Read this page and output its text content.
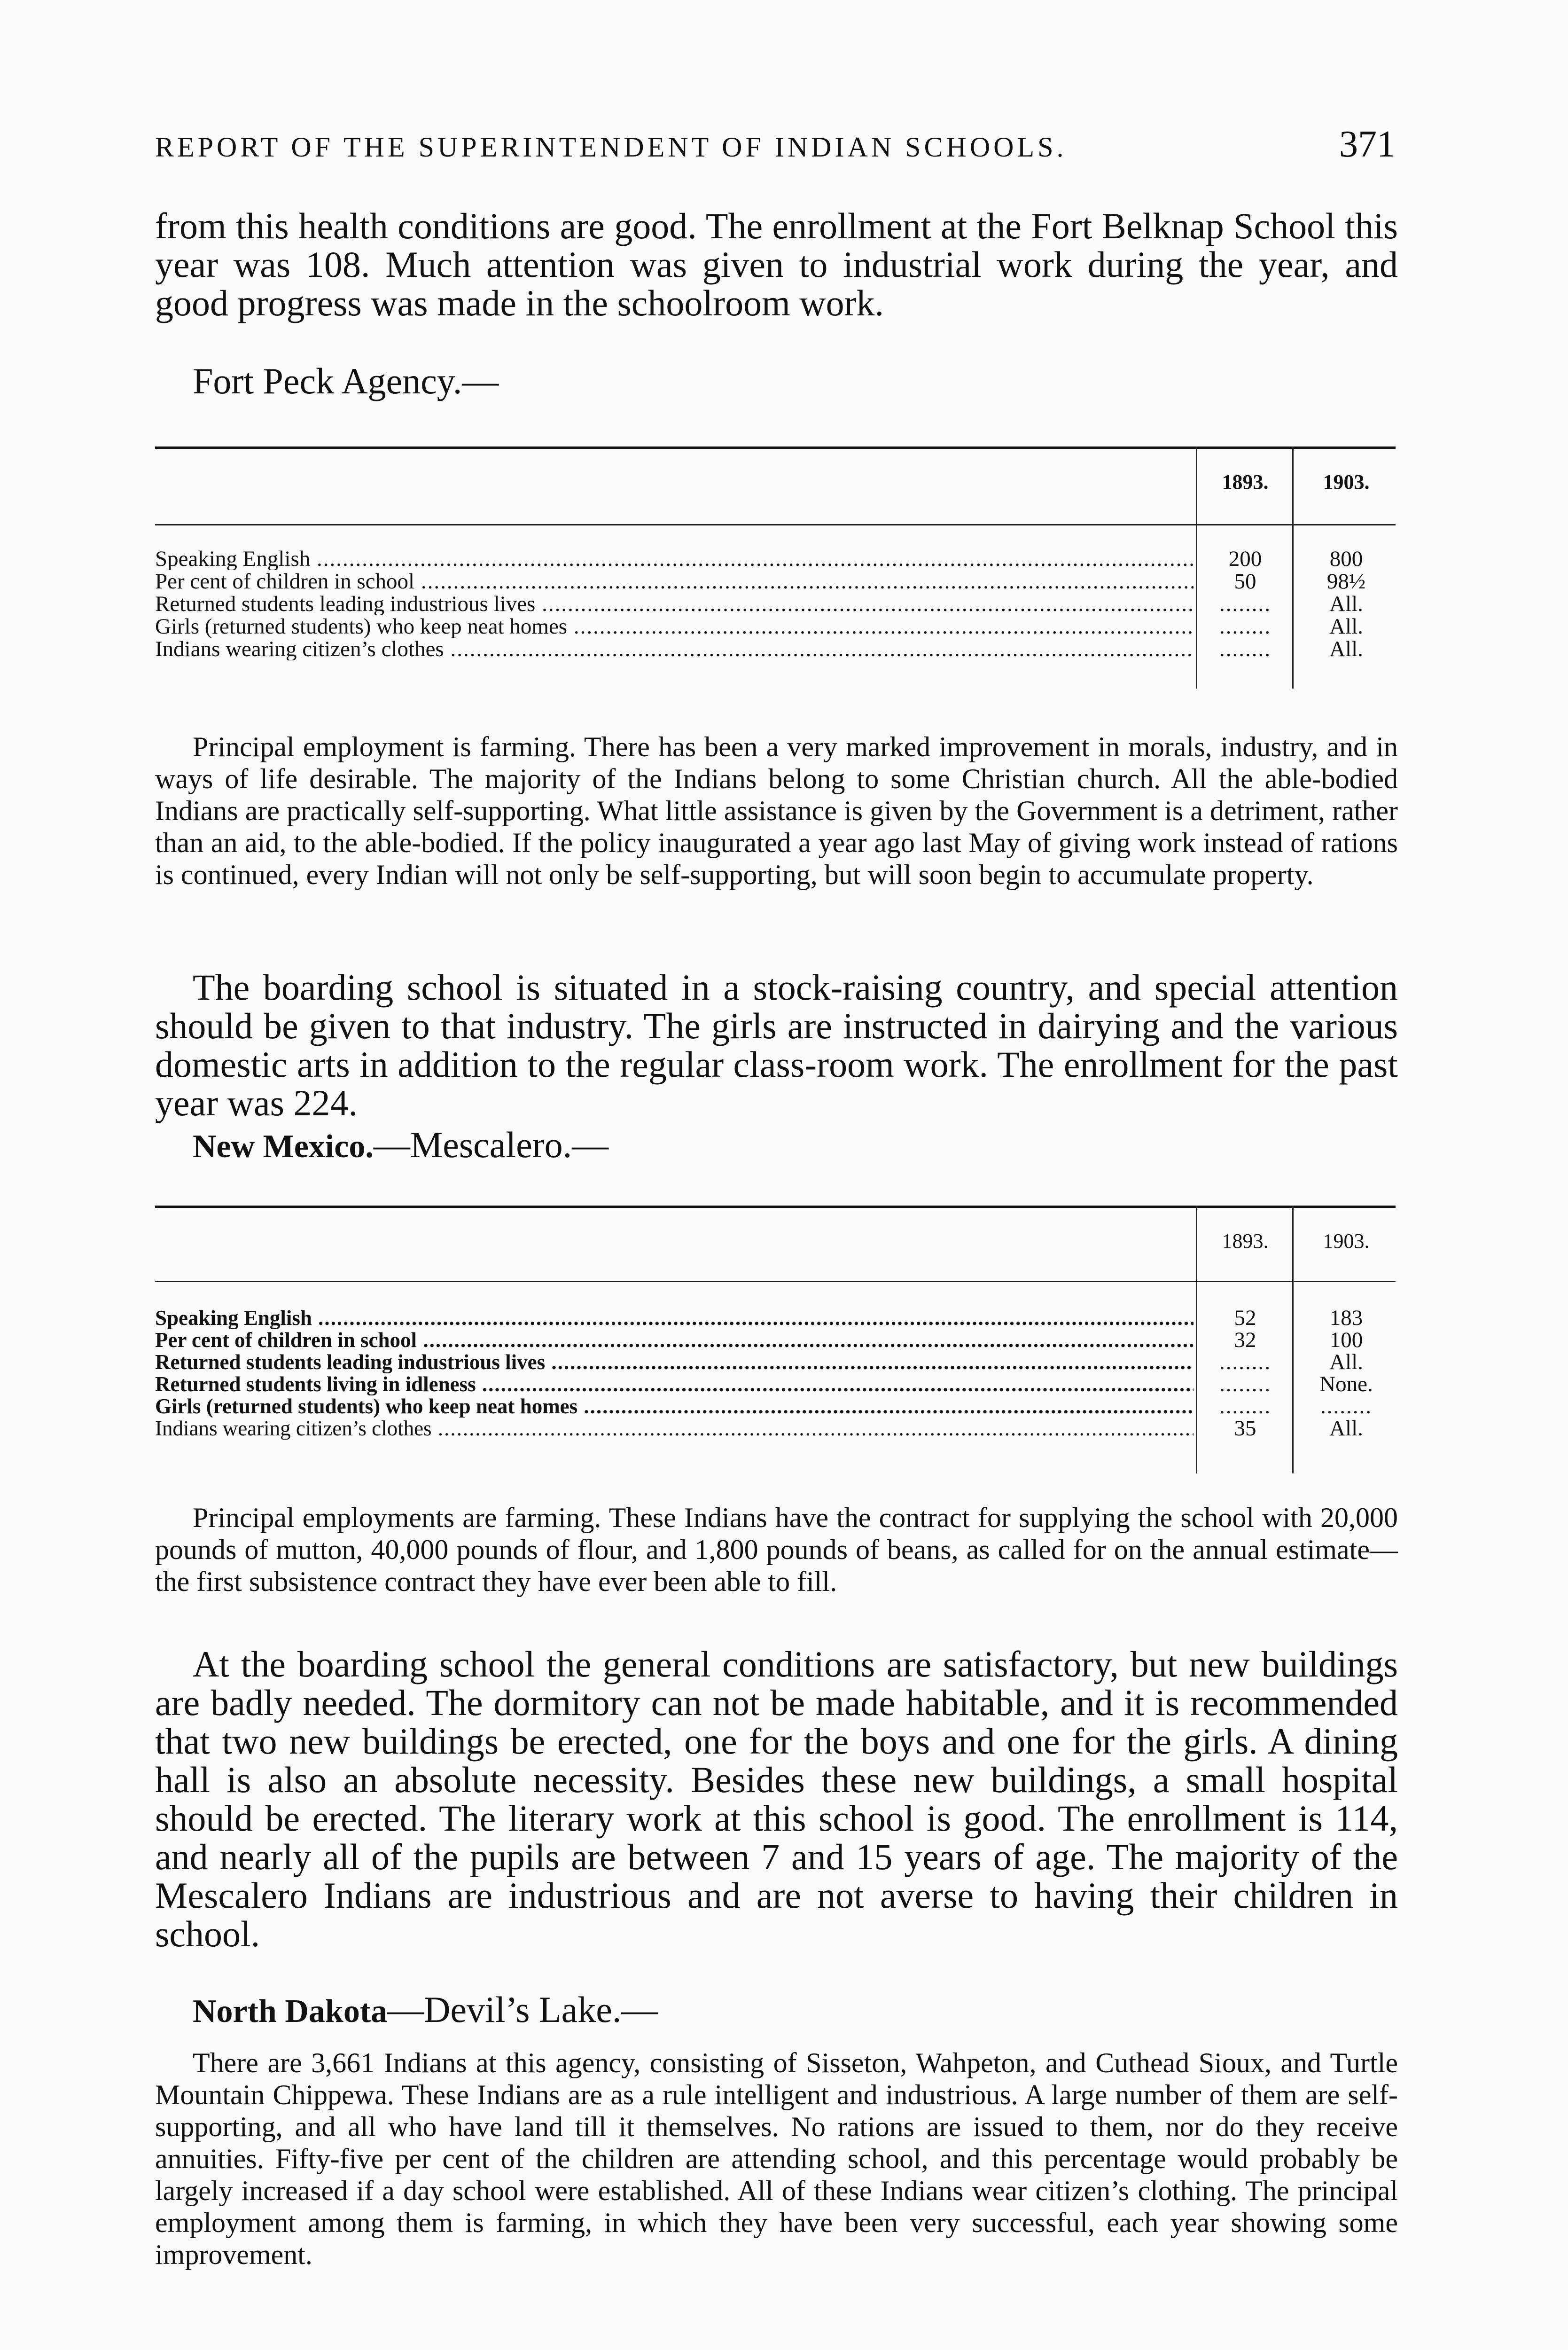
REPORT OF THE SUPERINTENDENT OF INDIAN SCHOOLS.	371

from this health conditions are good. The enrollment at the Fort Belknap School this year was 108. Much attention was given to industrial work during the year, and good progress was made in the schoolroom work.

Fort Peck Agency.—
1893.	1903.
Speaking English .....	200	800
Per cent of children in school .....	50	98½
Returned students leading industrious lives .....	........	All.
Girls (returned students) who keep neat homes .....	........	All.
Indians wearing citizen’s clothes .....	........	All.

Principal employment is farming. There has been a very marked improvement in morals, industry, and in ways of life desirable. The majority of the Indians belong to some Christian church. All the able-bodied Indians are practically self-supporting. What little assistance is given by the Government is a detriment, rather than an aid, to the able-bodied. If the policy inaugurated a year ago last May of giving work instead of rations is continued, every Indian will not only be self-supporting, but will soon begin to accumulate property.

The boarding school is situated in a stock-raising country, and special attention should be given to that industry. The girls are instructed in dairying and the various domestic arts in addition to the regular class-room work. The enrollment for the past year was 224.

New Mexico.—Mescalero.—
1893.	1903.
Speaking English .....	52	183
Per cent of children in school .....	32	100
Returned students leading industrious lives .....	........	All.
Returned students living in idleness .....	........	None.
Girls (returned students) who keep neat homes .....	........	........
Indians wearing citizen’s clothes .....	35	All.

Principal employments are farming. These Indians have the contract for supplying the school with 20,000 pounds of mutton, 40,000 pounds of flour, and 1,800 pounds of beans, as called for on the annual estimate—the first subsistence contract they have ever been able to fill.

At the boarding school the general conditions are satisfactory, but new buildings are badly needed. The dormitory can not be made habitable, and it is recommended that two new buildings be erected, one for the boys and one for the girls. A dining hall is also an absolute necessity. Besides these new buildings, a small hospital should be erected. The literary work at this school is good. The enrollment is 114, and nearly all of the pupils are between 7 and 15 years of age. The majority of the Mescalero Indians are industrious and are not averse to having their children in school.

North Dakota—Devil’s Lake.—

There are 3,661 Indians at this agency, consisting of Sisseton, Wahpeton, and Cuthead Sioux, and Turtle Mountain Chippewa. These Indians are as a rule intelligent and industrious. A large number of them are self-supporting, and all who have land till it themselves. No rations are issued to them, nor do they receive annuities. Fifty-five per cent of the children are attending school, and this percentage would probably be largely increased if a day school were established. All of these Indians wear citizen’s clothing. The principal employment among them is farming, in which they have been very successful, each year showing some improvement.
